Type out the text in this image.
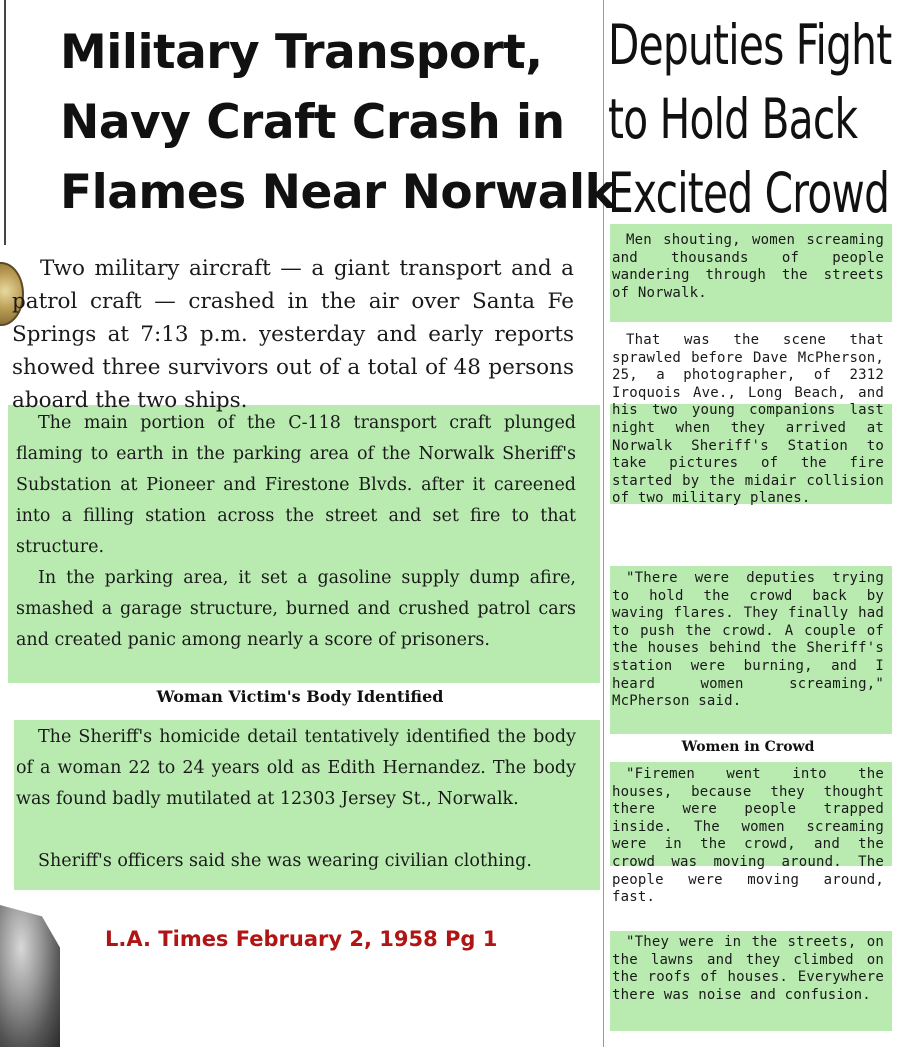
Military Transport,
Navy Craft Crash in
Flames Near Norwalk
Deputies Fight
to Hold Back
Excited Crowd

Two military aircraft — a giant transport and a patrol craft — crashed in the air over Santa Fe Springs at 7:13 p.m. yesterday and early reports showed three survivors out of a total of 48 persons aboard the two ships.

The main portion of the C-118 transport craft plunged flaming to earth in the parking area of the Norwalk Sheriff's Substation at Pioneer and Firestone Blvds. after it careened into a filling station across the street and set fire to that structure.

In the parking area, it set a gasoline supply dump afire, smashed a garage structure, burned and crushed patrol cars and created panic among nearly a score of prisoners.

Woman Victim's Body Identified

The Sheriff's homicide detail tentatively identified the body of a woman 22 to 24 years old as Edith Hernandez. The body was found badly mutilated at 12303 Jersey St., Norwalk.

Sheriff's officers said she was wearing civilian clothing.

Men shouting, women screaming and thousands of people wandering through the streets of Norwalk.

That was the scene that sprawled before Dave McPherson, 25, a photographer, of 2312 Iroquois Ave., Long Beach, and his two young companions last night when they arrived at Norwalk Sheriff's Station to take pictures of the fire started by the midair collision of two military planes.

"There were deputies trying to hold the crowd back by waving flares. They finally had to push the crowd. A couple of the houses behind the Sheriff's station were burning, and I heard women screaming," McPherson said.

Women in Crowd

"Firemen went into the houses, because they thought there were people trapped inside. The women screaming were in the crowd, and the crowd was moving around. The people were moving around, fast.

"They were in the streets, on the lawns and they climbed on the roofs of houses. Everywhere there was noise and confusion.

L.A. Times February 2, 1958 Pg 1
